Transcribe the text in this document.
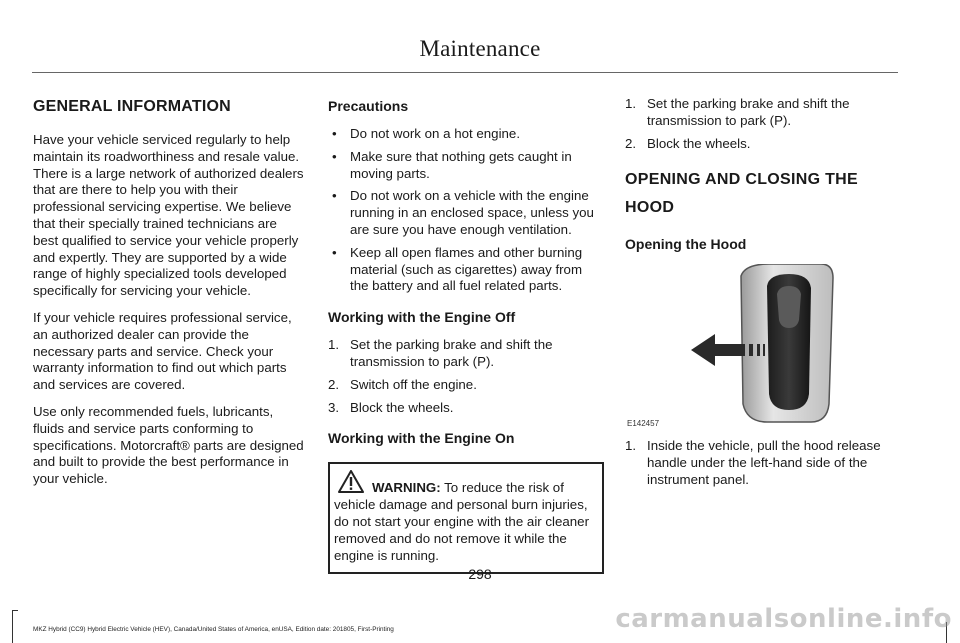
Maintenance
GENERAL INFORMATION

Have your vehicle serviced regularly to help maintain its roadworthiness and resale value. There is a large network of authorized dealers that are there to help you with their professional servicing expertise. We believe that their specially trained technicians are best qualified to service your vehicle properly and expertly. They are supported by a wide range of highly specialized tools developed specifically for servicing your vehicle.

If your vehicle requires professional service, an authorized dealer can provide the necessary parts and service. Check your warranty information to find out which parts and services are covered.

Use only recommended fuels, lubricants, fluids and service parts conforming to specifications. Motorcraft® parts are designed and built to provide the best performance in your vehicle.

Precautions
• Do not work on a hot engine.
• Make sure that nothing gets caught in moving parts.
• Do not work on a vehicle with the engine running in an enclosed space, unless you are sure you have enough ventilation.
• Keep all open flames and other burning material (such as cigarettes) away from the battery and all fuel related parts.
Working with the Engine Off
1. Set the parking brake and shift the transmission to park (P).
2. Switch off the engine.
3. Block the wheels.
Working with the Engine On
WARNING: To reduce the risk of vehicle damage and personal burn injuries, do not start your engine with the air cleaner removed and do not remove it while the engine is running.
1. Set the parking brake and shift the transmission to park (P).
2. Block the wheels.
OPENING AND CLOSING THE
HOOD
Opening the Hood
E142457
1. Inside the vehicle, pull the hood release handle under the left-hand side of the instrument panel.
298
MKZ Hybrid (CC9) Hybrid Electric Vehicle (HEV), Canada/United States of America, enUSA, Edition date: 201805, First-Printing	carmanualsonline.info
